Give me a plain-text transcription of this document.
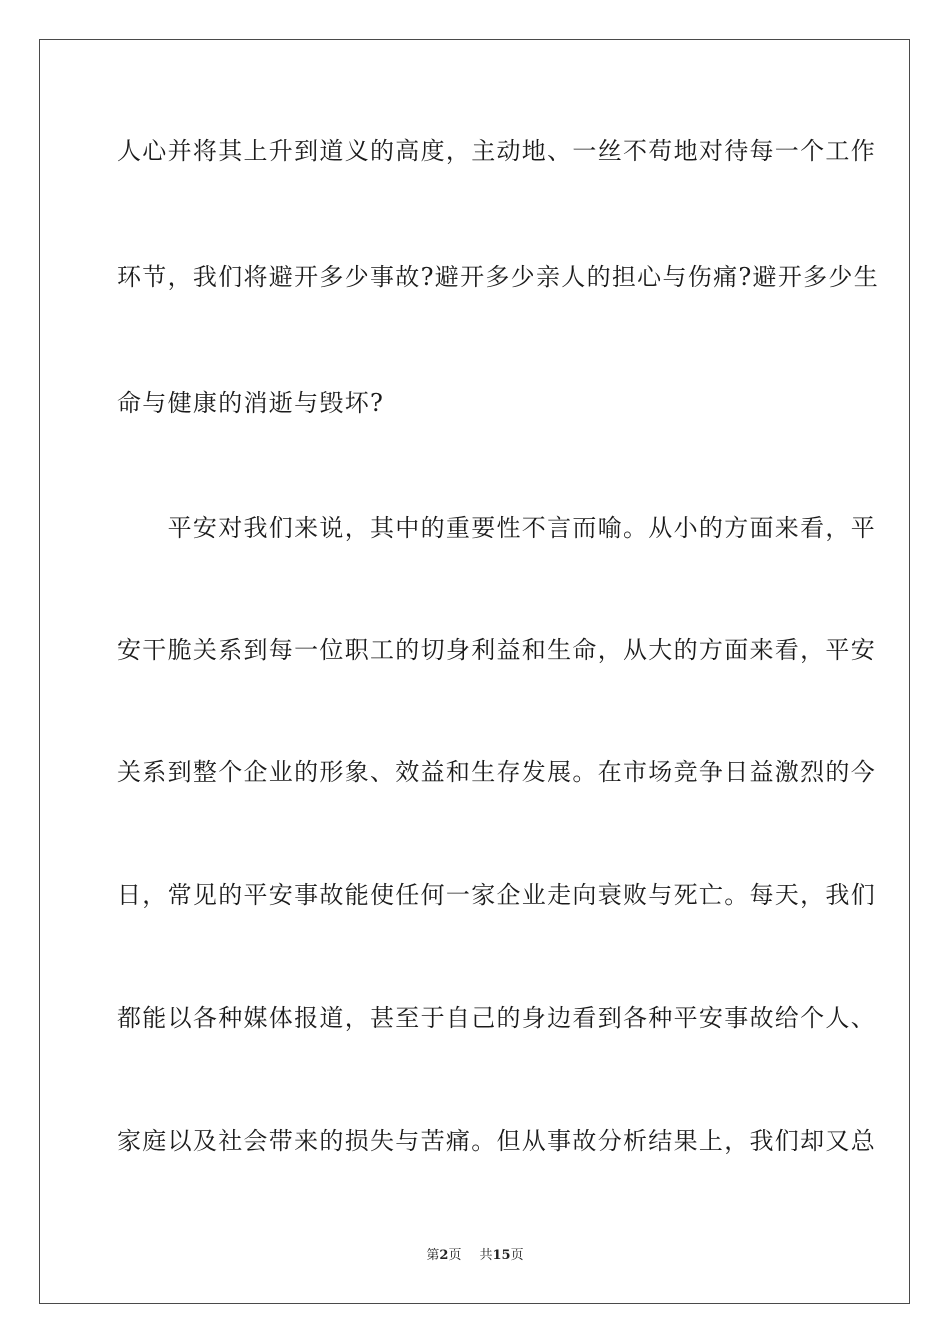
人心并将其上升到道义的高度，主动地、一丝不苟地对待每一个工作
环节，我们将避开多少事故?避开多少亲人的担心与伤痛?避开多少生
命与健康的消逝与毁坏?
　　平安对我们来说，其中的重要性不言而喻。从小的方面来看，平
安干脆关系到每一位职工的切身利益和生命，从大的方面来看，平安
关系到整个企业的形象、效益和生存发展。在市场竞争日益激烈的今
日，常见的平安事故能使任何一家企业走向衰败与死亡。每天，我们
都能以各种媒体报道，甚至于自己的身边看到各种平安事故给个人、
家庭以及社会带来的损失与苦痛。但从事故分析结果上，我们却又总
第2页 共15页
